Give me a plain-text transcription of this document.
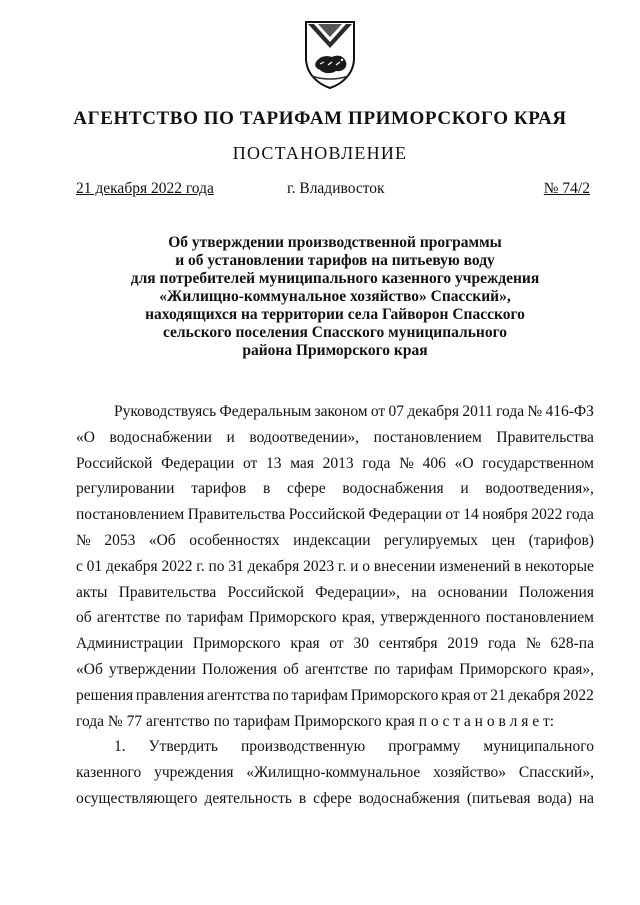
АГЕНТСТВО ПО ТАРИФАМ ПРИМОРСКОГО КРАЯ
ПОСТАНОВЛЕНИЕ
21 декабря 2022 года	г. Владивосток	№ 74/2
Об утверждении производственной программы
и об установлении тарифов на питьевую воду
для потребителей муниципального казенного учреждения
«Жилищно-коммунальное хозяйство» Спасский»,
находящихся на территории села Гайворон Спасского
сельского поселения Спасского муниципального
района Приморского края
Руководствуясь Федеральным законом от 07 декабря 2011 года № 416-ФЗ
«О водоснабжении и водоотведении», постановлением Правительства
Российской Федерации от 13 мая 2013 года № 406 «О государственном
регулировании тарифов в сфере водоснабжения и водоотведения»,
постановлением Правительства Российской Федерации от 14 ноября 2022 года
№ 2053 «Об особенностях индексации регулируемых цен (тарифов)
с 01 декабря 2022 г. по 31 декабря 2023 г. и о внесении изменений в некоторые
акты Правительства Российской Федерации», на основании Положения
об агентстве по тарифам Приморского края, утвержденного постановлением
Администрации Приморского края от 30 сентября 2019 года № 628-па
«Об утверждении Положения об агентстве по тарифам Приморского края»,
решения правления агентства по тарифам Приморского края от 21 декабря 2022
года № 77 агентство по тарифам Приморского края п о с т а н о в л я е т:
1. Утвердить производственную программу муниципального
казенного учреждения «Жилищно-коммунальное хозяйство» Спасский»,
осуществляющего деятельность в сфере водоснабжения (питьевая вода) на
